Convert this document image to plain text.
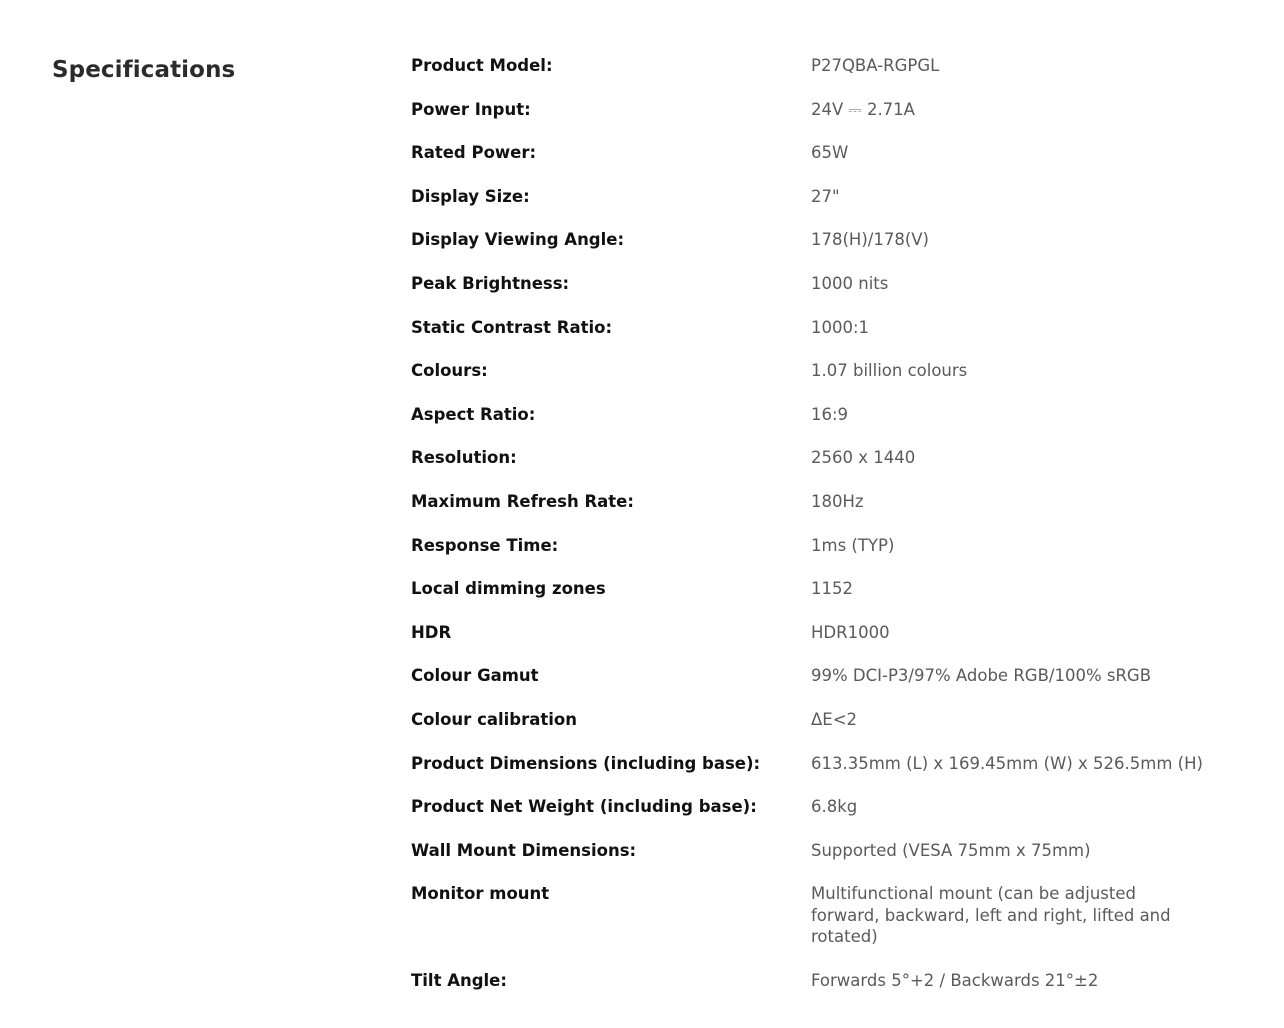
Specifications	Product Model:	P27QBA-RGPGL
Power Input:	24V ⎓ 2.71A
Rated Power:	65W
Display Size:	27"
Display Viewing Angle:	178(H)/178(V)
Peak Brightness:	1000 nits
Static Contrast Ratio:	1000:1
Colours:	1.07 billion colours
Aspect Ratio:	16:9
Resolution:	2560 x 1440
Maximum Refresh Rate:	180Hz
Response Time:	1ms (TYP)
Local dimming zones	1152
HDR	HDR1000
Colour Gamut	99% DCI-P3/97% Adobe RGB/100% sRGB
Colour calibration	ΔE<2
Product Dimensions (including base):	613.35mm (L) x 169.45mm (W) x 526.5mm (H)
Product Net Weight (including base):	6.8kg
Wall Mount Dimensions:	Supported (VESA 75mm x 75mm)
Monitor mount	Multifunctional mount (can be adjusted forward, backward, left and right, lifted and rotated)
Tilt Angle:	Forwards 5°+2 / Backwards 21°±2
